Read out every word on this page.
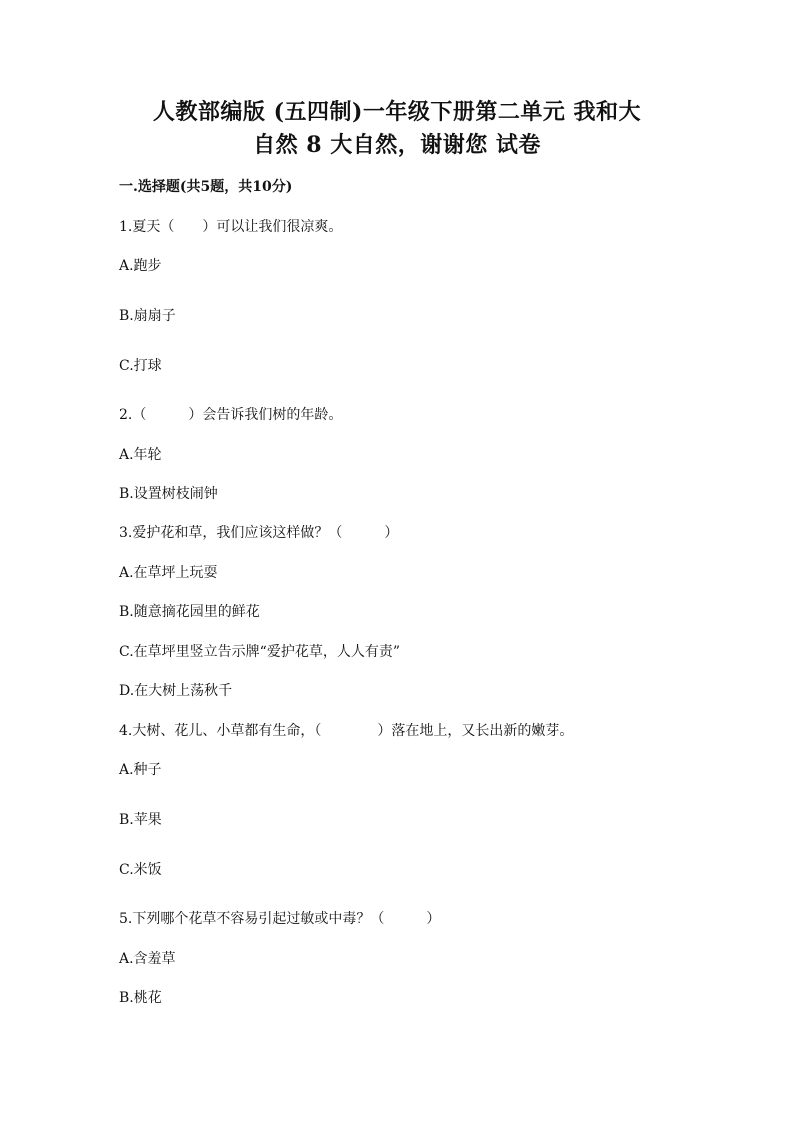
人教部编版 (五四制)一年级下册第二单元 我和大
自然 8 大自然，谢谢您 试卷
一.选择题(共5题，共10分)
1.夏天（　　）可以让我们很凉爽。
A.跑步
B.扇扇子
C.打球
2.（　　　）会告诉我们树的年龄。
A.年轮
B.设置树枝闹钟
3.爱护花和草，我们应该这样做？（　　　）
A.在草坪上玩耍
B.随意摘花园里的鲜花
C.在草坪里竖立告示牌“爱护花草，人人有责”
D.在大树上荡秋千
4.大树、花儿、小草都有生命，（　　　　）落在地上，又长出新的嫩芽。
A.种子
B.苹果
C.米饭
5.下列哪个花草不容易引起过敏或中毒？（　　　）
A.含羞草
B.桃花
